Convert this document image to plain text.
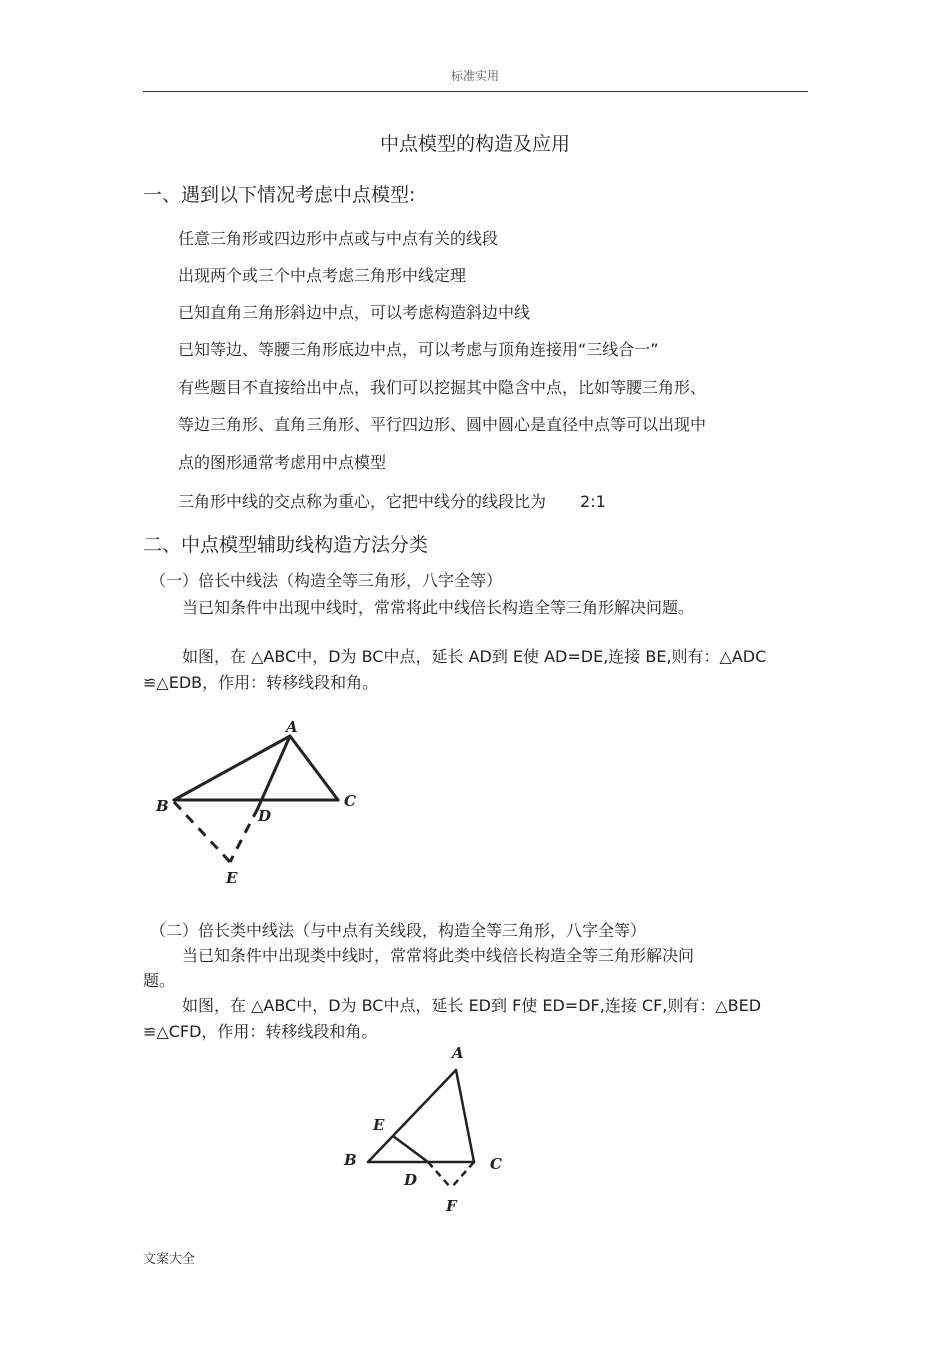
标准实用
中点模型的构造及应用
一、遇到以下情况考虑中点模型:
任意三角形或四边形中点或与中点有关的线段
出现两个或三个中点考虑三角形中线定理
已知直角三角形斜边中点，可以考虑构造斜边中线
已知等边、等腰三角形底边中点，可以考虑与顶角连接用“三线合一”
有些题目不直接给出中点，我们可以挖掘其中隐含中点，比如等腰三角形、
等边三角形、直角三角形、平行四边形、圆中圆心是直径中点等可以出现中
点的图形通常考虑用中点模型
三角形中线的交点称为重心，它把中线分的线段比为 2:1
二、中点模型辅助线构造方法分类
（一）倍长中线法（构造全等三角形，八字全等）
当已知条件中出现中线时，常常将此中线倍长构造全等三角形解决问题。
如图，在 △ABC中，D为 BC中点，延长 AD到 E使 AD=DE,连接 BE,则有：△ADC
≌△EDB，作用：转移线段和角。
A
B	C
D
E
（二）倍长类中线法（与中点有关线段，构造全等三角形，八字全等）
当已知条件中出现类中线时，常常将此类中线倍长构造全等三角形解决问
题。
如图，在 △ABC中，D为 BC中点，延长 ED到 F使 ED=DF,连接 CF,则有：△BED
≌△CFD，作用：转移线段和角。
A
E
B
D
C
F
文案大全
